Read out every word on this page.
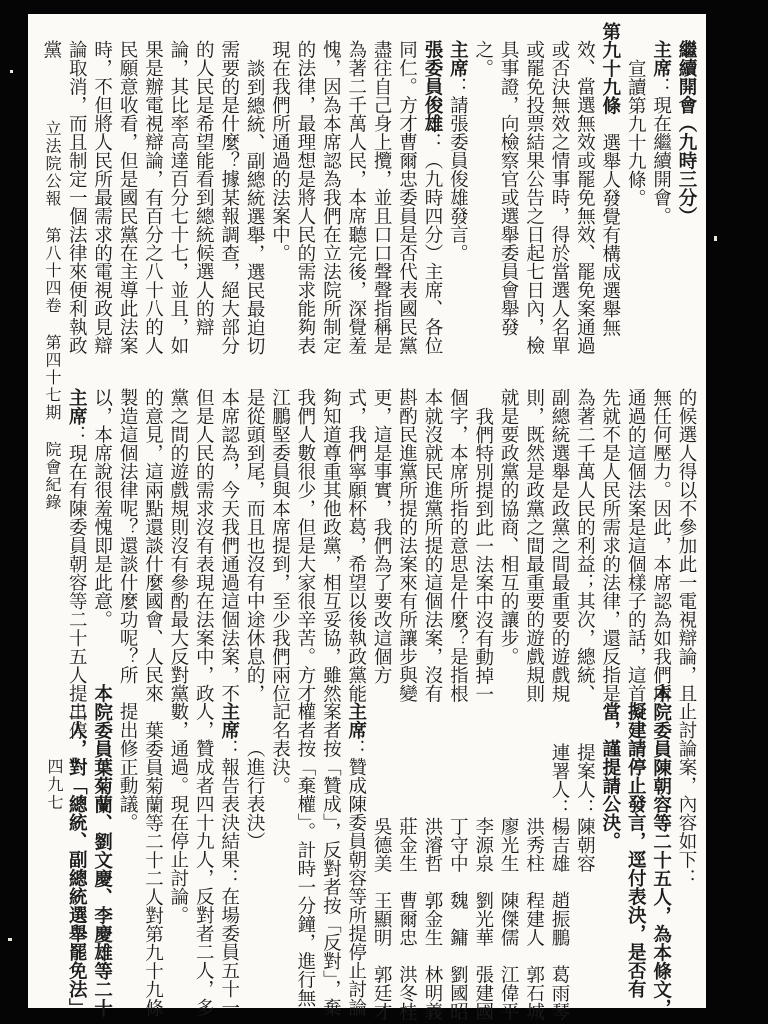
立法院公報 第八十四卷 第四十七期 院會紀錄
四九七

繼續開會（九時三分）

主席：現在繼續開會。

宣讀第九十九條。

第九十九條　選舉人發覺有構成選舉無效、當選無效或罷免無效、罷免案通過或否決無效之情事時，得於當選人名單或罷免投票結果公告之日起七日內，檢具事證，向檢察官或選舉委員會舉發之。

主席：請張委員俊雄發言。

張委員俊雄：（九時四分）主席、各位同仁。方才曹爾忠委員是否代表國民黨盡往自己身上攬，並且口口聲聲指稱是為著二千萬人民，本席聽完後，深覺羞愧，因為本席認為我們在立法院所制定的法律，最理想是將人民的需求能夠表現在我們所通過的法案中。

談到總統、副總統選舉，選民最迫切需要的是什麼？據某報調查，絕大部分的人民是希望能看到總統候選人的辯論，其比率高達百分七十七，並且，如果是辦電視辯論，有百分之八十八的人民願意收看，但是國民黨在主導此法案時，不但將人民所最需求的電視政見辯論取消，而且制定一個法律來便利執政黨

的候選人得以不參加此一電視辯論，且無任何壓力。因此，本席認為如我們所通過的這個法案是這個樣子的話，這首先就不是人民所需求的法律，還反指是為著二千萬人民的利益；其次，總統、副總統選舉是政黨之間最重要的遊戲規則，既然是政黨之間最重要的遊戲規則就是要政黨的協商、相互的讓步。

我們特別提到此一法案中沒有動掉一個字，本席所指的意思是什麼？是指根本就沒就民進黨所提的這個法案，沒有斟酌民進黨所提的法案來有所讓步與變更，這是事實，我們為了要改這個方式，我們寧願杯葛，希望以後執政黨能夠知道尊重其他政黨，相互妥協，雖然我們人數很少，但是大家很辛苦。方才江鵬堅委員與本席提到，至少我們兩位是從頭到尾，而且也沒有中途休息的，本席認為，今天我們通過這個法案，不但是人民的需求沒有表現在法案中，政黨之間的遊戲規則沒有參酌最大反對黨的意見，這兩點還談什麼國會、人民來製造這個法律呢？還談什麼功呢？所以，本席說很羞愧即是此意。

主席：現在有陳委員朝容等二十五人提出停

止討論案，內容如下：

本院委員陳朝容等二十五人，為本條文，擬建請停止發言，逕付表決，是否有當，謹提請公決。

提案人：陳朝容

連署人：楊吉雄　趙振鵬　葛雨琴

洪秀柱　程建人　郭石城

廖光生　陳傑儒　江偉平

李源泉　劉光華　張建國

丁守中　魏　鏞　劉國昭

洪濬哲　郭金生　林明義

莊金生　曹爾忠　洪冬桂

吳德美　王顯明　郭廷才

主席：贊成陳委員朝容等所提停止討論案者按「贊成」，反對者按「反對」，棄權者按「棄權」。計時一分鐘，進行無記名表決。

（進行表決）

主席：報告表決結果：在場委員五十一人，贊成者四十九人，反對者二人，多數，通過。現在停止討論。

葉委員菊蘭等二十二人對第九十九條提出修正動議。

本院委員葉菊蘭、劉文慶、李慶雄等二十二人，對「總統、副總統選舉罷免法」
